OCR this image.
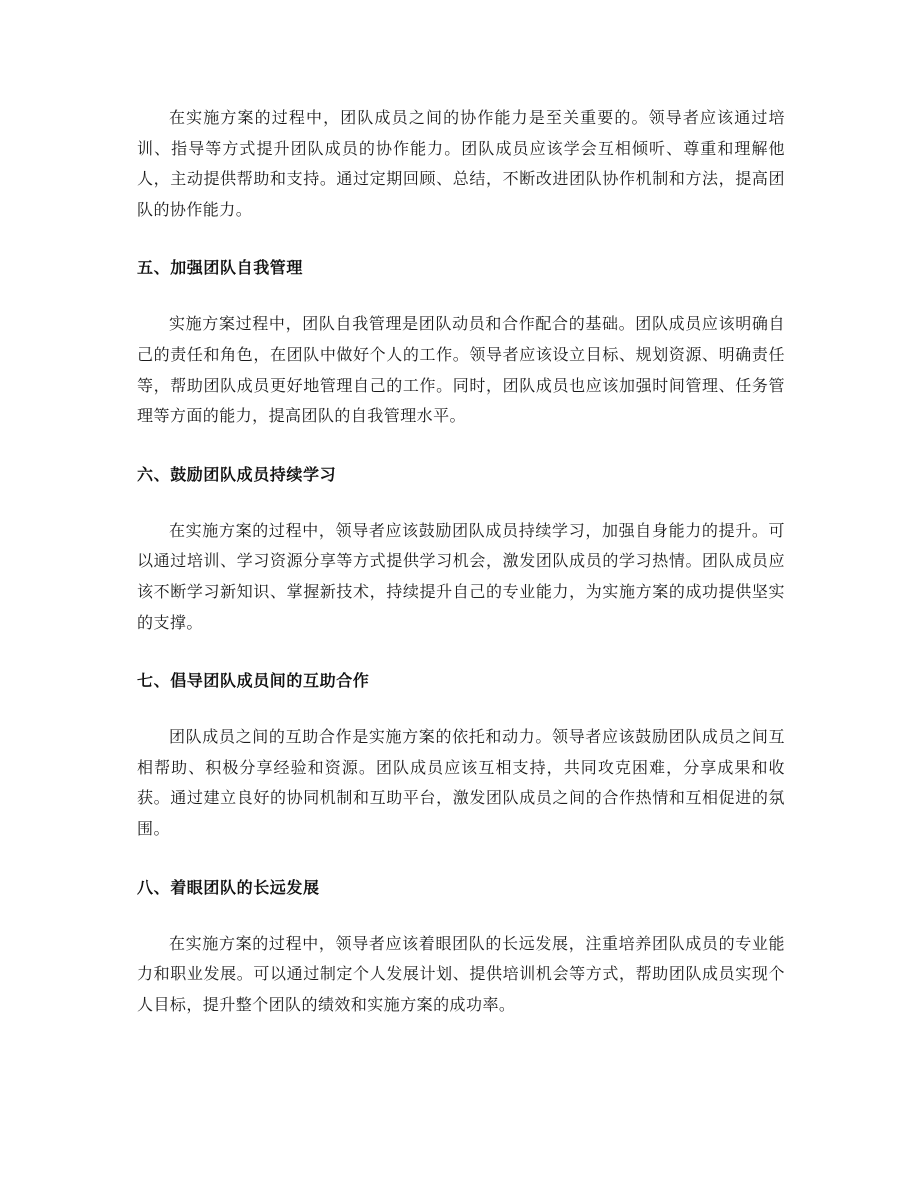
在实施方案的过程中，团队成员之间的协作能力是至关重要的。领导者应该通过培训、指导等方式提升团队成员的协作能力。团队成员应该学会互相倾听、尊重和理解他人，主动提供帮助和支持。通过定期回顾、总结，不断改进团队协作机制和方法，提高团队的协作能力。

五、加强团队自我管理

实施方案过程中，团队自我管理是团队动员和合作配合的基础。团队成员应该明确自己的责任和角色，在团队中做好个人的工作。领导者应该设立目标、规划资源、明确责任等，帮助团队成员更好地管理自己的工作。同时，团队成员也应该加强时间管理、任务管理等方面的能力，提高团队的自我管理水平。

六、鼓励团队成员持续学习

在实施方案的过程中，领导者应该鼓励团队成员持续学习，加强自身能力的提升。可以通过培训、学习资源分享等方式提供学习机会，激发团队成员的学习热情。团队成员应该不断学习新知识、掌握新技术，持续提升自己的专业能力，为实施方案的成功提供坚实的支撑。

七、倡导团队成员间的互助合作

团队成员之间的互助合作是实施方案的依托和动力。领导者应该鼓励团队成员之间互相帮助、积极分享经验和资源。团队成员应该互相支持，共同攻克困难，分享成果和收获。通过建立良好的协同机制和互助平台，激发团队成员之间的合作热情和互相促进的氛围。

八、着眼团队的长远发展

在实施方案的过程中，领导者应该着眼团队的长远发展，注重培养团队成员的专业能力和职业发展。可以通过制定个人发展计划、提供培训机会等方式，帮助团队成员实现个人目标，提升整个团队的绩效和实施方案的成功率。
